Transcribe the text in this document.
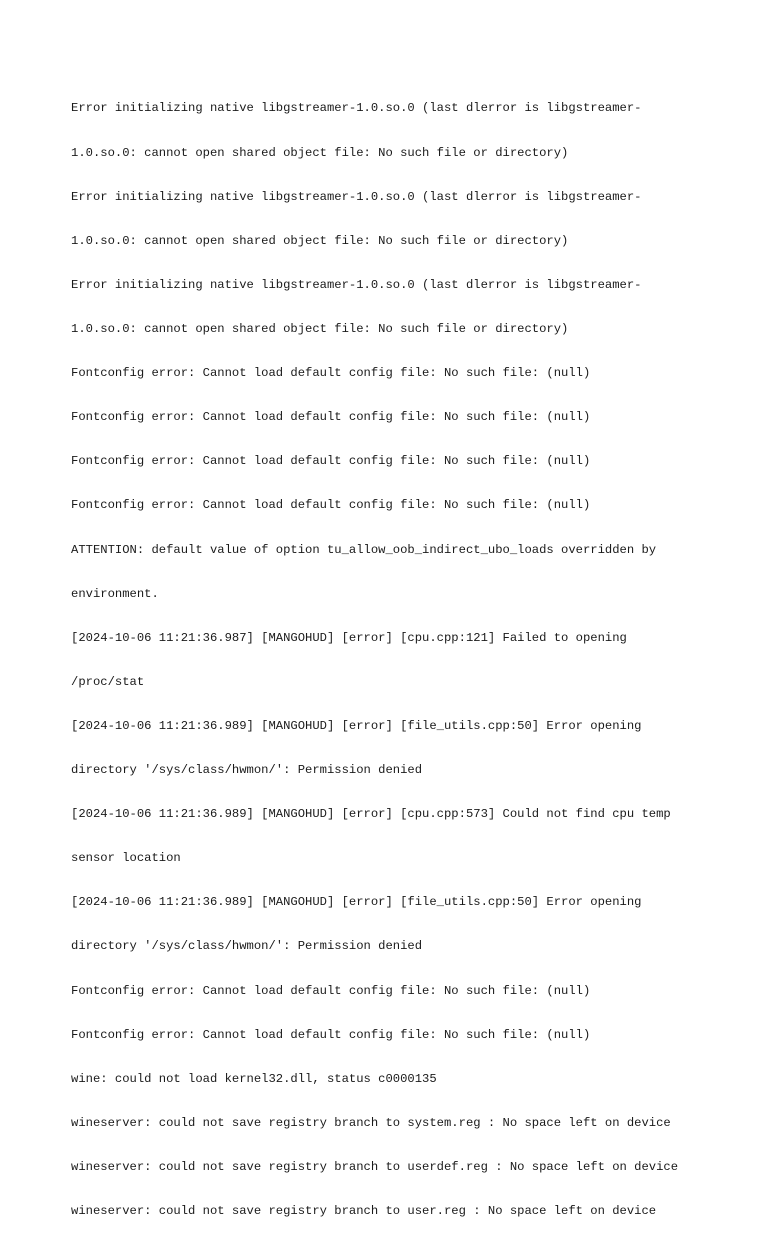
Error initializing native libgstreamer-1.0.so.0 (last dlerror is libgstreamer-

1.0.so.0: cannot open shared object file: No such file or directory)

Error initializing native libgstreamer-1.0.so.0 (last dlerror is libgstreamer-

1.0.so.0: cannot open shared object file: No such file or directory)

Error initializing native libgstreamer-1.0.so.0 (last dlerror is libgstreamer-

1.0.so.0: cannot open shared object file: No such file or directory)

Fontconfig error: Cannot load default config file: No such file: (null)

Fontconfig error: Cannot load default config file: No such file: (null)

Fontconfig error: Cannot load default config file: No such file: (null)

Fontconfig error: Cannot load default config file: No such file: (null)

ATTENTION: default value of option tu_allow_oob_indirect_ubo_loads overridden by

environment.

[2024-10-06 11:21:36.987] [MANGOHUD] [error] [cpu.cpp:121] Failed to opening

/proc/stat

[2024-10-06 11:21:36.989] [MANGOHUD] [error] [file_utils.cpp:50] Error opening

directory '/sys/class/hwmon/': Permission denied

[2024-10-06 11:21:36.989] [MANGOHUD] [error] [cpu.cpp:573] Could not find cpu temp

sensor location

[2024-10-06 11:21:36.989] [MANGOHUD] [error] [file_utils.cpp:50] Error opening

directory '/sys/class/hwmon/': Permission denied

Fontconfig error: Cannot load default config file: No such file: (null)

Fontconfig error: Cannot load default config file: No such file: (null)

wine: could not load kernel32.dll, status c0000135

wineserver: could not save registry branch to system.reg : No space left on device

wineserver: could not save registry branch to userdef.reg : No space left on device

wineserver: could not save registry branch to user.reg : No space left on device
